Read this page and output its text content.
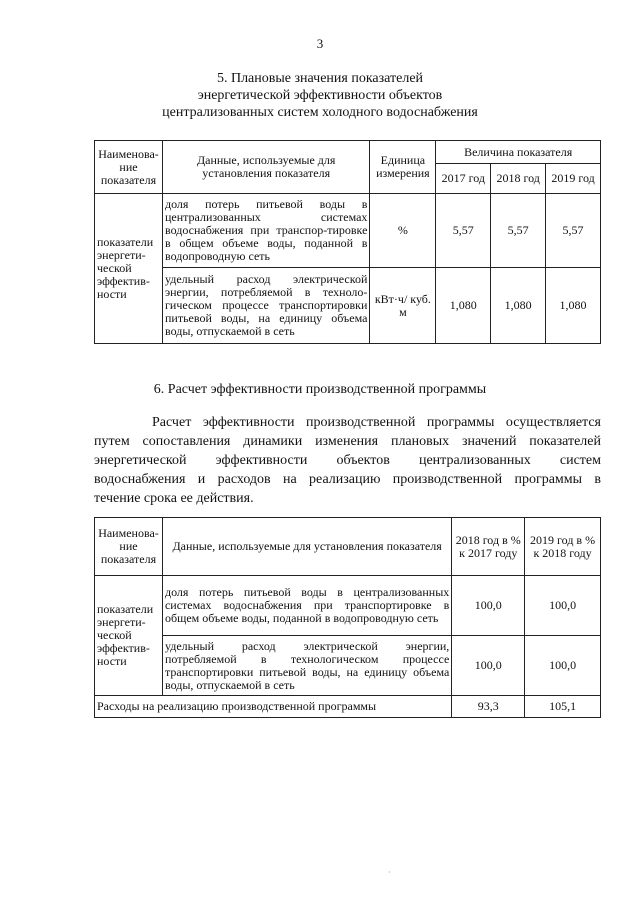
3
5. Плановые значения показателей
энергетической эффективности объектов
централизованных систем холодного водоснабжения
Наименова-ние показателя	Данные, используемые для установления показателя	Единица измерения	Величина показателя		
			2017 год	2018 год	2019 год
показатели энергети-ческой эффектив-ности	доля потерь питьевой воды в централизованных системах водоснабжения при транспор-тировке в общем объеме воды, поданной в водопроводную сеть	%	5,57	5,57	5,57
	удельный расход электрической энергии, потребляемой в техноло-гическом процессе транспортировки питьевой воды, на единицу объема воды, отпускаемой в сеть	кВт·ч/ куб. м	1,080	1,080	1,080
6. Расчет эффективности производственной программы
Расчет эффективности производственной программы осуществляется
путем сопоставления динамики изменения плановых значений показателей
энергетической эффективности объектов централизованных систем
водоснабжения и расходов на реализацию производственной программы в
течение срока ее действия.
Наименова-ние показателя	Данные, используемые для установления показателя	2018 год в % к 2017 году	2019 год в % к 2018 году
показатели энергети-ческой эффектив-ности	доля потерь питьевой воды в централизованных системах водоснабжения при транспортировке в общем объеме воды, поданной в водопроводную сеть	100,0	100,0
	удельный расход электрической энергии, потребляемой в технологическом процессе транспортировки питьевой воды, на единицу объема воды, отпускаемой в сеть	100,0	100,0
Расходы на реализацию производственной программы		93,3	105,1
·
